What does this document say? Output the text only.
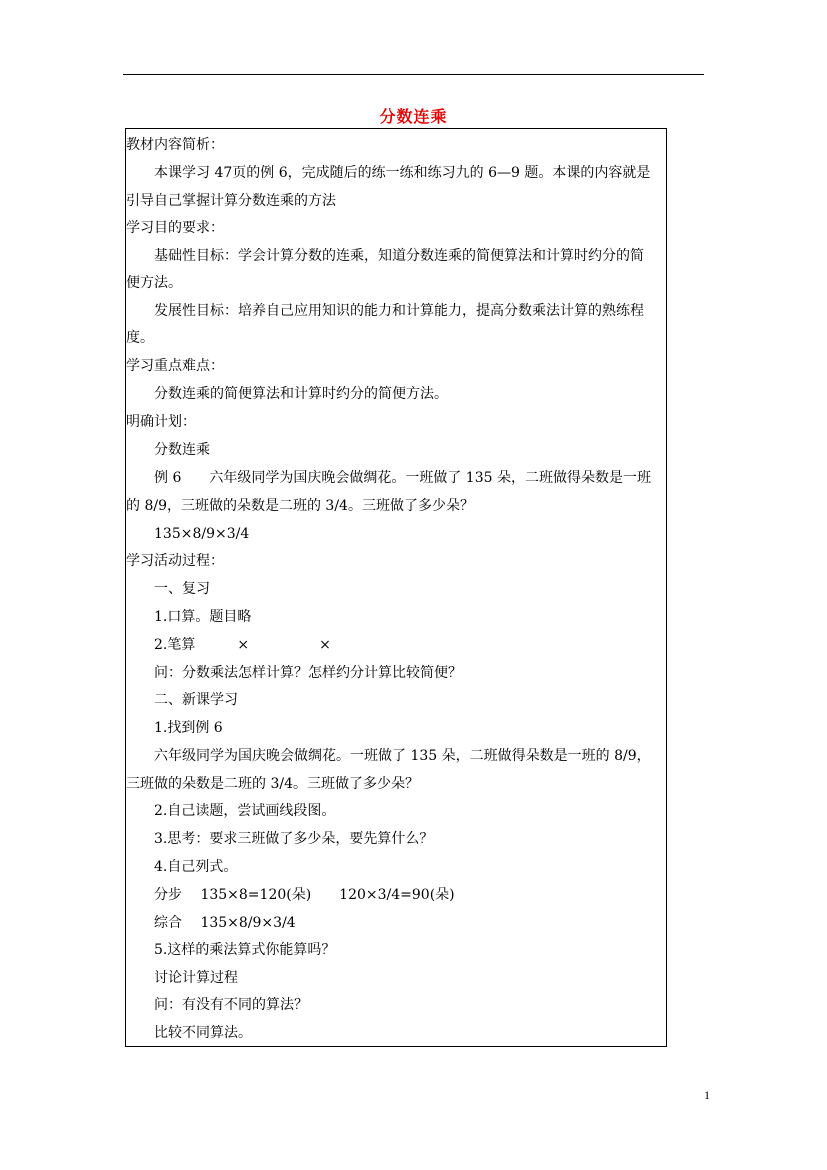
分数连乘
教材内容简析：
　　本课学习 47页的例 6，完成随后的练一练和练习九的 6—9 题。本课的内容就是
引导自己掌握计算分数连乘的方法
学习目的要求：
　　基础性目标：学会计算分数的连乘，知道分数连乘的简便算法和计算时约分的简
便方法。
　　发展性目标：培养自己应用知识的能力和计算能力，提高分数乘法计算的熟练程
度。
学习重点难点：
　　分数连乘的简便算法和计算时约分的简便方法。
明确计划：
　　分数连乘
　　例 6　　六年级同学为国庆晚会做绸花。一班做了 135 朵，二班做得朵数是一班
的 8/9，三班做的朵数是二班的 3/4。三班做了多少朵？
　　135×8/9×3/4
学习活动过程：
　　一、复习
　　1.口算。题目略
　　2.笔算　　　×　　　　　×
　　问：分数乘法怎样计算？怎样约分计算比较简便？
　　二、新课学习
　　1.找到例 6
　　六年级同学为国庆晚会做绸花。一班做了 135 朵，二班做得朵数是一班的 8/9，
三班做的朵数是二班的 3/4。三班做了多少朵？
　　2.自己读题，尝试画线段图。
　　3.思考：要求三班做了多少朵，要先算什么？
　　4.自己列式。
　　分步　 135×8=120(朵)　　120×3/4=90(朵)
　　综合　 135×8/9×3/4
　　5.这样的乘法算式你能算吗？
　　讨论计算过程
　　问：有没有不同的算法？
　　比较不同算法。
1
